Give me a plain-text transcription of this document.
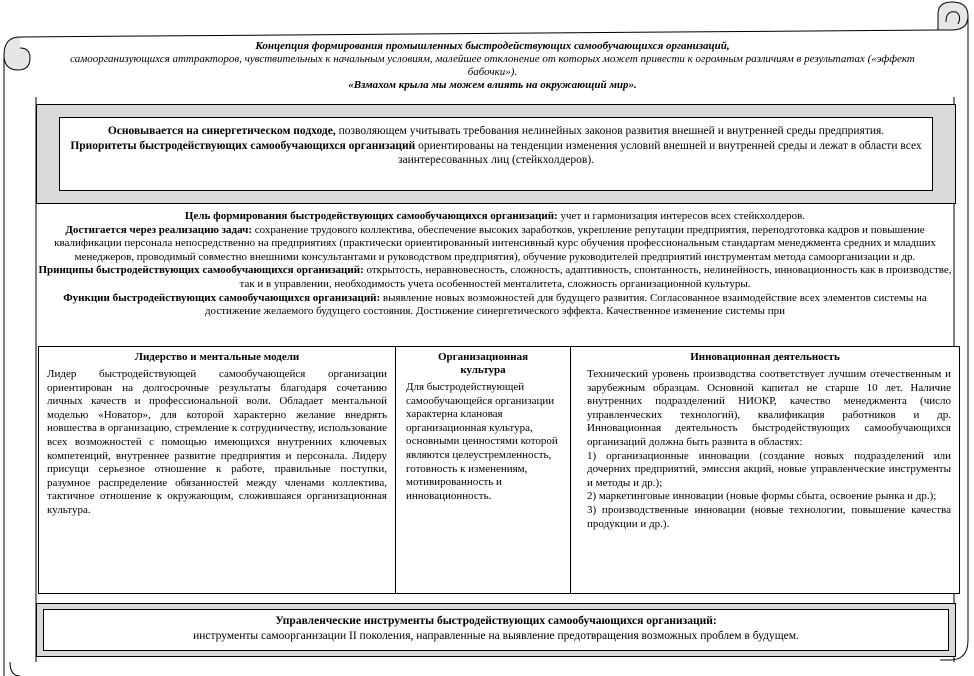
Концепция формирования промышленных быстродействующих самообучающихся организаций,
самоорганизующихся аттракторов, чувствительных к начальным условиям, малейшее отклонение от которых может привести к огромным различиям в результатах («эффект бабочки»).
«Взмахом крыла мы можем влиять на окружающий мир».
Основывается на синергетическом подходе, позволяющем учитывать требования нелинейных законов развития внешней и внутренней среды предприятия.
Приоритеты быстродействующих самообучающихся организаций ориентированы на тенденции изменения условий внешней и внутренней среды и лежат в области всех заинтересованных лиц (стейкхолдеров).
Цель формирования быстродействующих самообучающихся организаций: учет и гармонизация интересов всех стейкхолдеров.
Достигается через реализацию задач: сохранение трудового коллектива, обеспечение высоких заработков, укрепление репутации предприятия, переподготовка кадров и повышение квалификации персонала непосредственно на предприятиях (практически ориентированный интенсивный курс обучения профессиональным стандартам менеджмента средних и младших менеджеров, проводимый совместно внешними консультантами и руководством предприятия), обучение руководителей предприятий инструментам метода самоорганизации и др.
Принципы быстродействующих самообучающихся организаций: открытость, неравновесность, сложность, адаптивность, спонтанность, нелинейность, инновационность как в производстве, так и в управлении, необходимость учета особенностей менталитета, сложность организационной культуры.
Функции быстродействующих самообучающихся организаций: выявление новых возможностей для будущего развития. Согласованное взаимодействие всех элементов системы на достижение желаемого будущего состояния. Достижение синергетического эффекта. Качественное изменение системы при
Лидерство и ментальные модели
Лидер быстродействующей самообучающейся организации ориентирован на долгосрочные результаты благодаря сочетанию личных качеств и профессиональной воли. Обладает ментальной моделью «Новатор», для которой характерно желание внедрять новшества в организацию, стремление к сотрудничеству, использование всех возможностей с помощью имеющихся внутренних ключевых компетенций, внутреннее развитие предприятия и персонала. Лидеру присущи серьезное отношение к работе, правильные поступки, разумное распределение обязанностей между членами коллектива, тактичное отношение к окружающим, сложившаяся организационная культура.
Организационная культура
Для быстродействующей самообучающейся организации характерна клановая организационная культура, основными ценностями которой являются целеустремленность, готовность к изменениям, мотивированность и инновационность.
Инновационная деятельность
Технический уровень производства соответствует лучшим отечественным и зарубежным образцам. Основной капитал не старше 10 лет. Наличие внутренних подразделений НИОКР, качество менеджмента (число управленческих технологий), квалификация работников и др. Инновационная деятельность быстродействующих самообучающихся организаций должна быть развита в областях:
1) организационные инновации (создание новых подразделений или дочерних предприятий, эмиссия акций, новые управленческие инструменты и методы и др.);
2) маркетинговые инновации (новые формы сбыта, освоение рынка и др.);
3) производственные инновации (новые технологии, повышение качества продукции и др.).
Управленческие инструменты быстродействующих самообучающихся организаций:
инструменты самоорганизации II поколения, направленные на выявление предотвращения возможных проблем в будущем.
